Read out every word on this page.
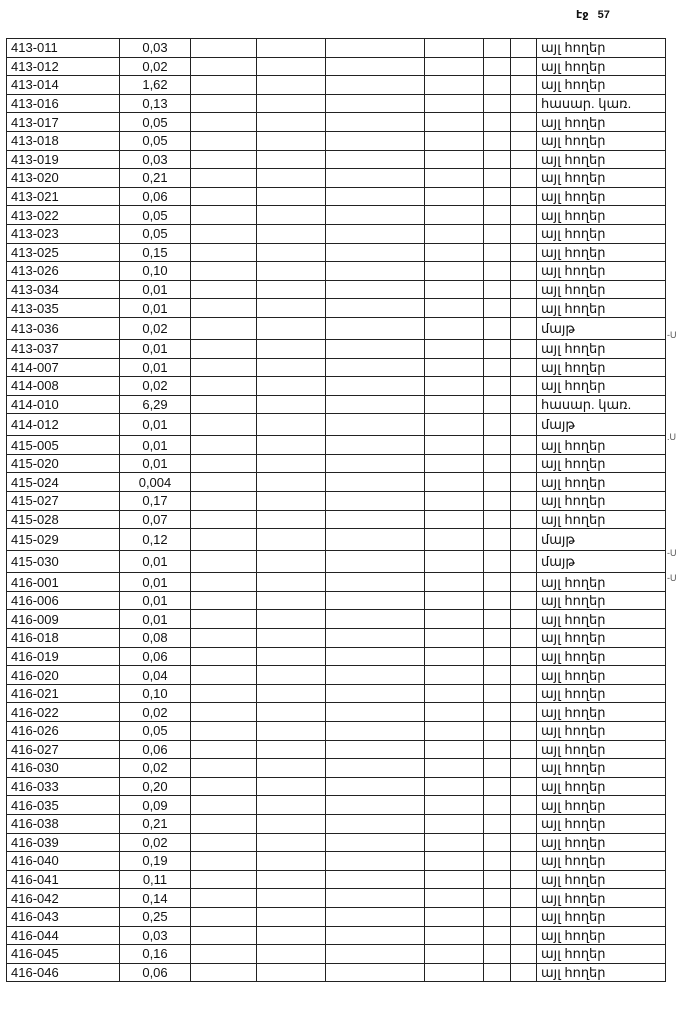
էջ 57
413-011	0,03							այլ հողեր
413-012	0,02							այլ հողեր
413-014	1,62							այլ հողեր
413-016	0,13							հասար. կառ.
413-017	0,05							այլ հողեր
413-018	0,05							այլ հողեր
413-019	0,03							այլ հողեր
413-020	0,21							այլ հողեր
413-021	0,06							այլ հողեր
413-022	0,05							այլ հողեր
413-023	0,05							այլ հողեր
413-025	0,15							այլ հողեր
413-026	0,10							այլ հողեր
413-034	0,01							այլ հողեր
413-035	0,01							այլ հողեր
413-036	0,02							մայթ
413-037	0,01							այլ հողեր
414-007	0,01							այլ հողեր
414-008	0,02							այլ հողեր
414-010	6,29							հասար. կառ.
414-012	0,01							մայթ
415-005	0,01							այլ հողեր
415-020	0,01							այլ հողեր
415-024	0,004							այլ հողեր
415-027	0,17							այլ հողեր
415-028	0,07							այլ հողեր
415-029	0,12							մայթ
415-030	0,01							մայթ
416-001	0,01							այլ հողեր
416-006	0,01							այլ հողեր
416-009	0,01							այլ հողեր
416-018	0,08							այլ հողեր
416-019	0,06							այլ հողեր
416-020	0,04							այլ հողեր
416-021	0,10							այլ հողեր
416-022	0,02							այլ հողեր
416-026	0,05							այլ հողեր
416-027	0,06							այլ հողեր
416-030	0,02							այլ հողեր
416-033	0,20							այլ հողեր
416-035	0,09							այլ հողեր
416-038	0,21							այլ հողեր
416-039	0,02							այլ հողեր
416-040	0,19							այլ հողեր
416-041	0,11							այլ հողեր
416-042	0,14							այլ հողեր
416-043	0,25							այլ հողեր
416-044	0,03							այլ հողեր
416-045	0,16							այլ հողեր
416-046	0,06							այլ հողեր
-U
.U
-U
-U
